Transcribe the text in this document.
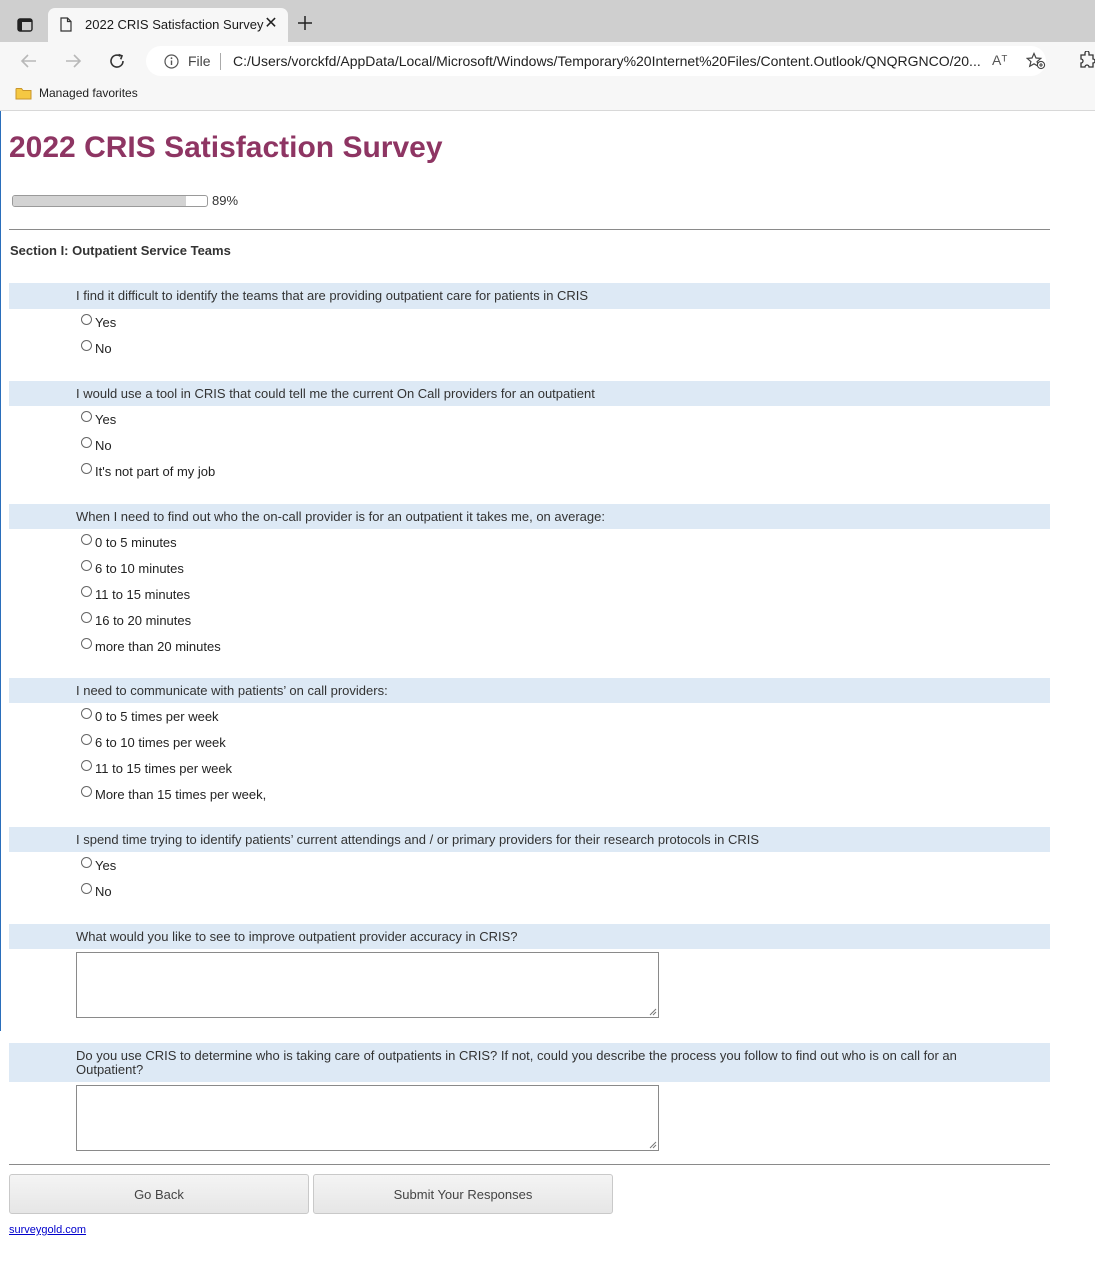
2022 CRIS Satisfaction Survey ✕
File C:/Users/vorckfd/AppData/Local/Microsoft/Windows/Temporary%20Internet%20Files/Content.Outlook/QNQRGNCO/20... Aᵀ
Managed favorites
2022 CRIS Satisfaction Survey
89%
Section I: Outpatient Service Teams
I find it difficult to identify the teams that are providing outpatient care for patients in CRIS
Yes
No
I would use a tool in CRIS that could tell me the current On Call providers for an outpatient
Yes
No
It's not part of my job
When I need to find out who the on-call provider is for an outpatient it takes me, on average:
0 to 5 minutes
6 to 10 minutes
11 to 15 minutes
16 to 20 minutes
more than 20 minutes
I need to communicate with patients’ on call providers:
0 to 5 times per week
6 to 10 times per week
11 to 15 times per week
More than 15 times per week,
I spend time trying to identify patients’ current attendings and / or primary providers for their research protocols in CRIS
Yes
No
What would you like to see to improve outpatient provider accuracy in CRIS?
Do you use CRIS to determine who is taking care of outpatients in CRIS? If not, could you describe the process you follow to find out who is on call for an Outpatient?
Go Back	Submit Your Responses
surveygold.com
